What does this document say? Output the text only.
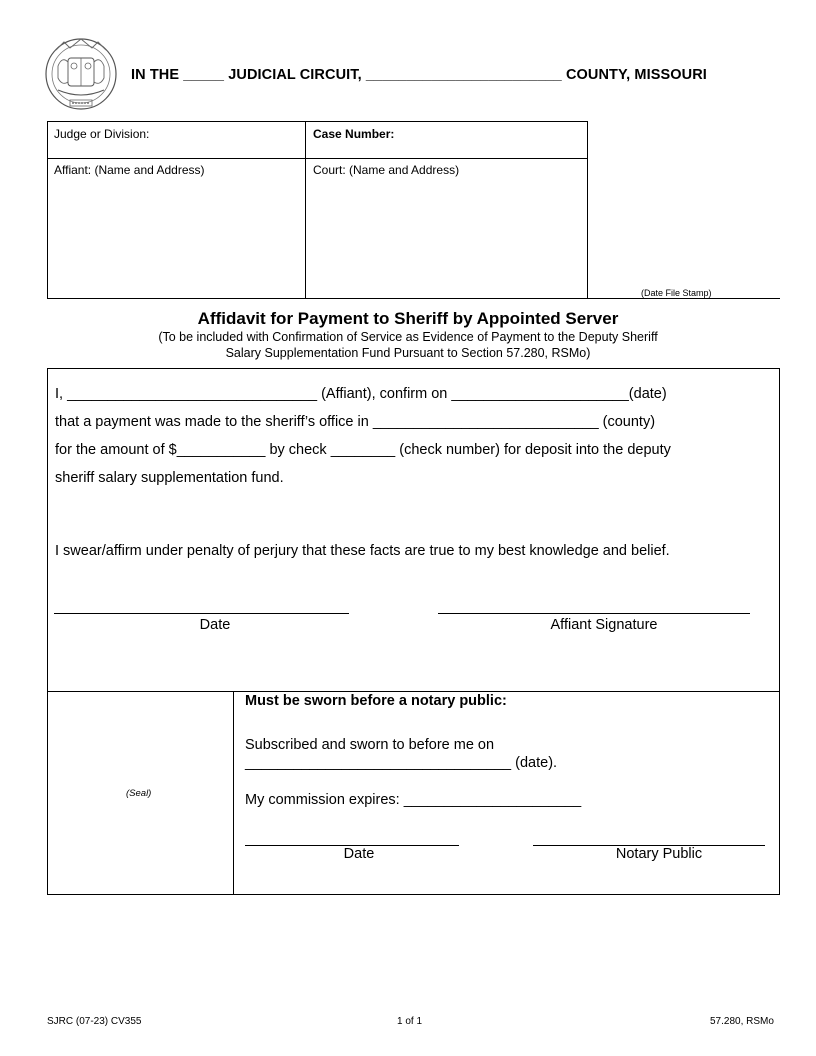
IN THE _____ JUDICIAL CIRCUIT, ________________________ COUNTY, MISSOURI
Judge or Division:	Case Number:
Affiant: (Name and Address)	Court: (Name and Address)
(Date File Stamp)
Affidavit for Payment to Sheriff by Appointed Server
(To be included with Confirmation of Service as Evidence of Payment to the Deputy Sheriff
Salary Supplementation Fund Pursuant to Section 57.280, RSMo)
I, _______________________________ (Affiant), confirm on ______________________(date)
that a payment was made to the sheriff’s office in ____________________________ (county)
for the amount of $___________ by check ________ (check number) for deposit into the deputy
sheriff salary supplementation fund.
I swear/affirm under penalty of perjury that these facts are true to my best knowledge and belief.
Date	Affiant Signature
(Seal)
Must be sworn before a notary public:
Subscribed and sworn to before me on
_________________________________ (date).
My commission expires: ______________________
Date	Notary Public
SJRC (07-23) CV355	1 of 1	57.280, RSMo
